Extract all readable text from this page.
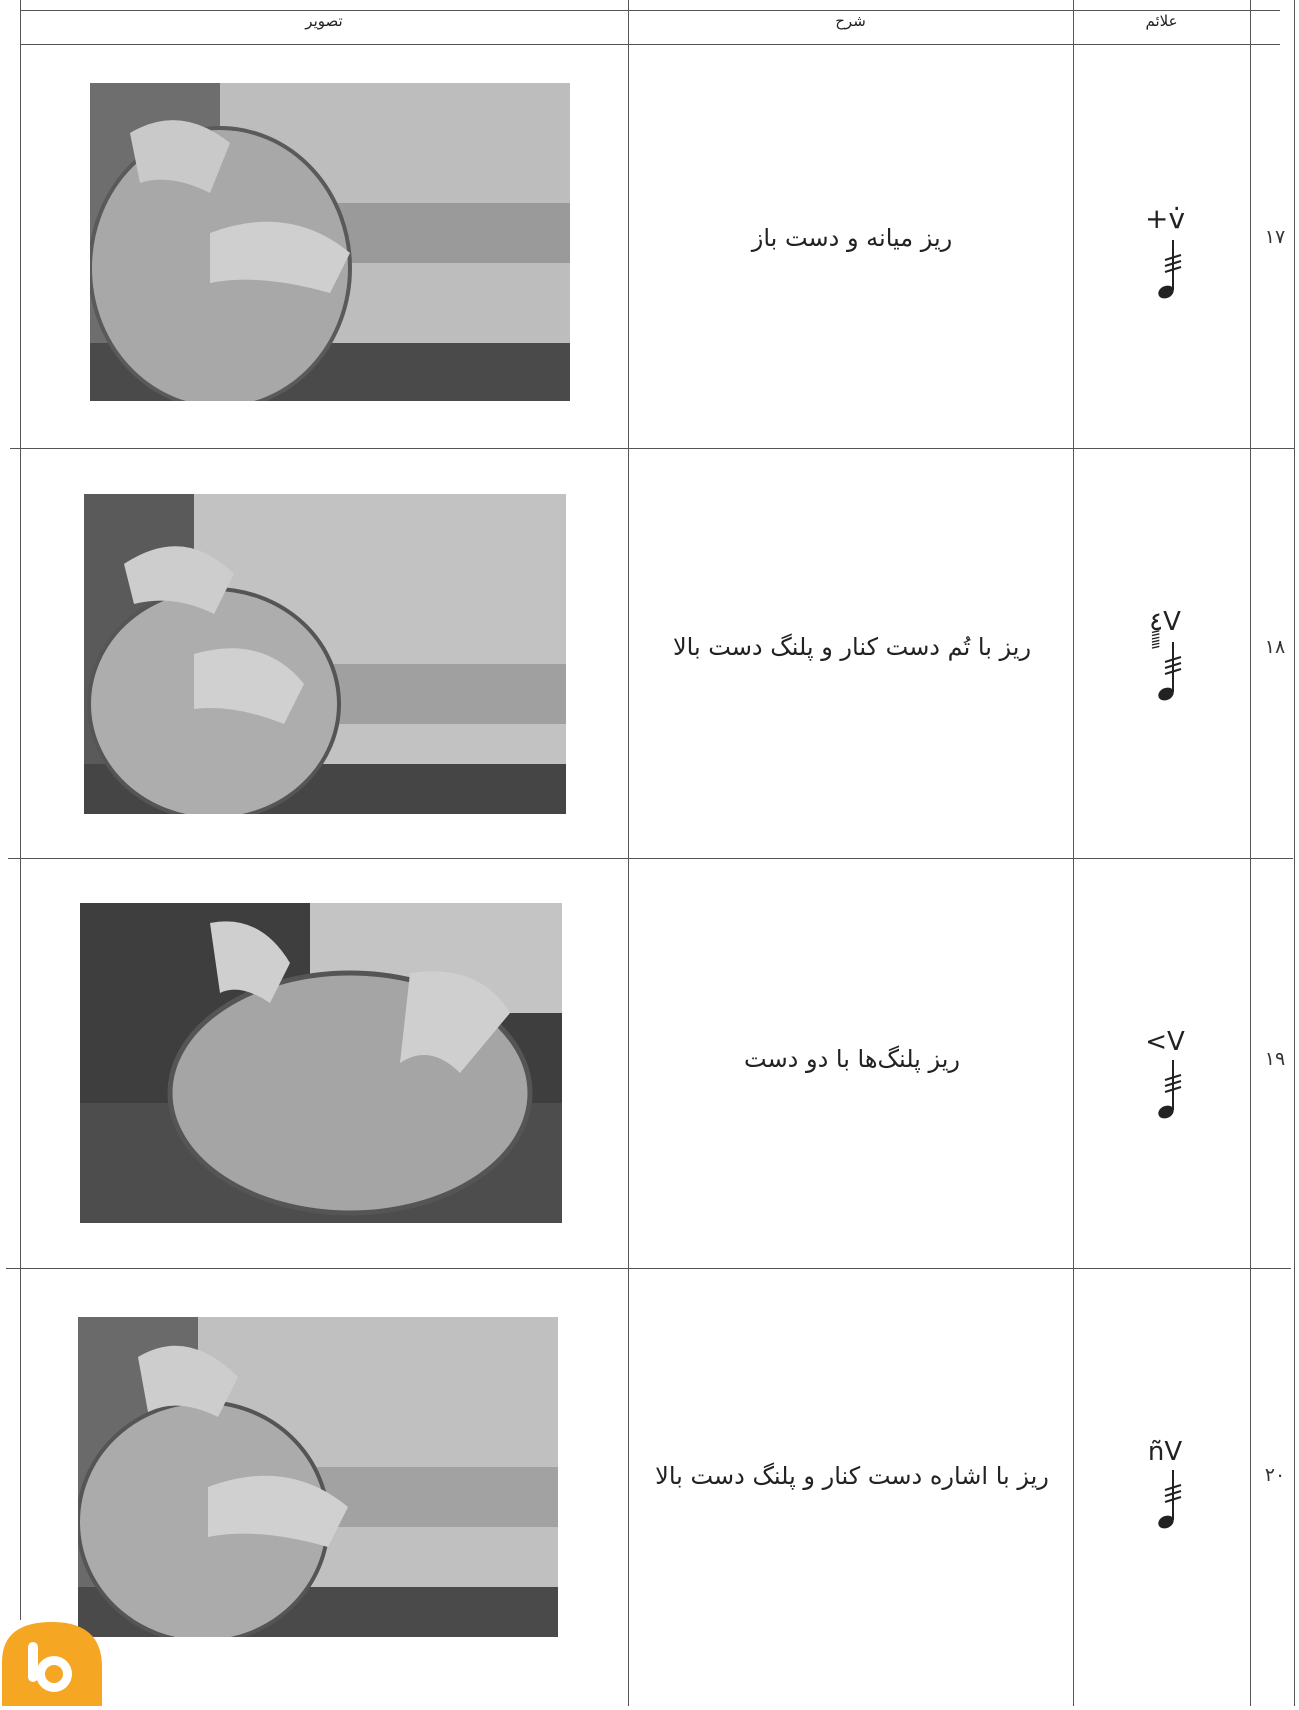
تصویر	شرح	علائم
ریز میانه و دست باز
+v̇
۱۷
ریز با تُم دست کنار و پلنگ دست بالا
ٍٍٍ٤V
۱۸
ریز پلنگ‌ها با دو دست
<V
۱۹
ریز با اشاره دست کنار و پلنگ دست بالا
ñV
۲۰
